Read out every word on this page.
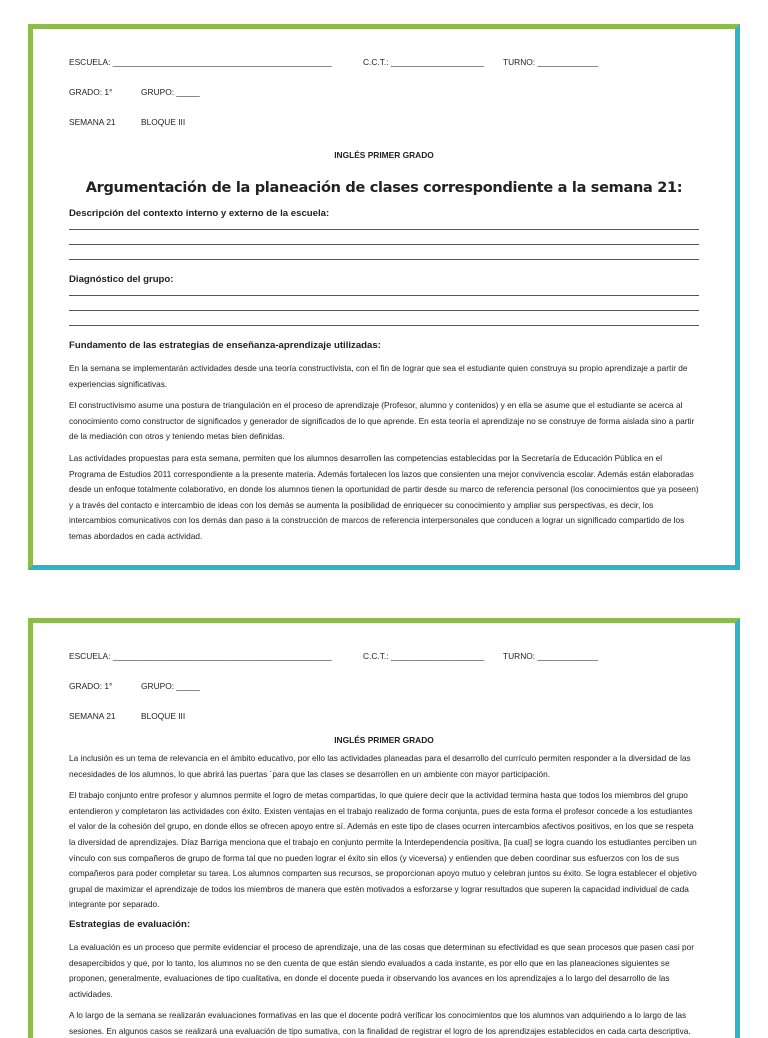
ESCUELA: _______________________________________________	C.C.T.: ____________________	TURNO: _____________

GRADO: 1°	GRUPO: _____

SEMANA 21	BLOQUE III

INGLÉS PRIMER GRADO
Argumentación de la planeación de clases correspondiente a la semana 21:
Descripción del contexto interno y externo de la escuela:
Diagnóstico del grupo:
Fundamento de las estrategias de enseñanza-aprendizaje utilizadas:

En la semana se implementarán actividades desde una teoría constructivista, con el fin de lograr que sea el estudiante quien construya su propio aprendizaje a partir de experiencias significativas.

El constructivismo asume una postura de triangulación en el proceso de aprendizaje (Profesor, alumno y contenidos) y en ella se asume que el estudiante se acerca al conocimiento como constructor de significados y generador de significados de lo que aprende. En esta teoría el aprendizaje no se construye de forma aislada sino a partir de la mediación con otros y teniendo metas bien definidas.

Las actividades propuestas para esta semana, permiten que los alumnos desarrollen las competencias establecidas por la Secretaría de Educación Pública en el Programa de Estudios 2011 correspondiente a la presente materia. Además fortalecen los lazos que consienten una mejor convivencia escolar. Además están elaboradas desde un enfoque totalmente colaborativo, en donde los alumnos tienen la oportunidad de partir desde su marco de referencia personal (los conocimientos que ya poseen) y a través del contacto e intercambio de ideas con los demás se aumenta la posibilidad de enriquecer su conocimiento y ampliar sus perspectivas, es decir, los intercambios comunicativos con los demás dan paso a la construcción de marcos de referencia interpersonales que conducen a lograr un significado compartido de los temas abordados en cada actividad.

ESCUELA: _______________________________________________	C.C.T.: ____________________	TURNO: _____________

GRADO: 1°	GRUPO: _____

SEMANA 21	BLOQUE III

INGLÉS PRIMER GRADO

La inclusión es un tema de relevancia en el ámbito educativo, por ello las actividades planeadas para el desarrollo del currículo permiten responder a la diversidad de las necesidades de los alumnos, lo que abrirá las puertas ´para que las clases se desarrollen en un ambiente con mayor participación.

El trabajo conjunto entre profesor y alumnos permite el logro de metas compartidas, lo que quiere decir que la actividad termina hasta que todos los miembros del grupo entendieron y completaron las actividades con éxito. Existen ventajas en el trabajo realizado de forma conjunta, pues de esta forma el profesor concede a los estudiantes el valor de la cohesión del grupo, en donde ellos se ofrecen apoyo entre sí. Además en este tipo de clases ocurren intercambios afectivos positivos, en los que se respeta la diversidad de aprendizajes. Díaz Barriga menciona que el trabajo en conjunto permite la Interdependencia positiva, [la cual] se logra cuando los estudiantes perciben un vínculo con sus compañeros de grupo de forma tal que no pueden lograr el éxito sin ellos (y viceversa) y entienden que deben coordinar sus esfuerzos con los de sus compañeros para poder completar su tarea. Los alumnos comparten sus recursos, se proporcionan apoyo mutuo y celebran juntos su éxito. Se logra establecer el objetivo grupal de maximizar el aprendizaje de todos los miembros de manera que estén motivados a esforzarse y lograr resultados que superen la capacidad individual de cada integrante por separado.

Estrategias de evaluación:

La evaluación es un proceso que permite evidenciar el proceso de aprendizaje, una de las cosas que determinan su efectividad es que sean procesos que pasen casi por desapercibidos y que, por lo tanto, los alumnos no se den cuenta de que están siendo evaluados a cada instante, es por ello que en las planeaciones siguientes se proponen, generalmente, evaluaciones de tipo cualitativa, en donde el docente pueda ir observando los avances en los aprendizajes a lo largo del desarrollo de las actividades.

A lo largo de la semana se realizarán evaluaciones formativas en las que el docente podrá verificar los conocimientos que los alumnos van adquiriendo a lo largo de las sesiones. En algunos casos se realizará una evaluación de tipo sumativa, con la finalidad de registrar el logro de los aprendizajes establecidos en cada carta descriptiva.
